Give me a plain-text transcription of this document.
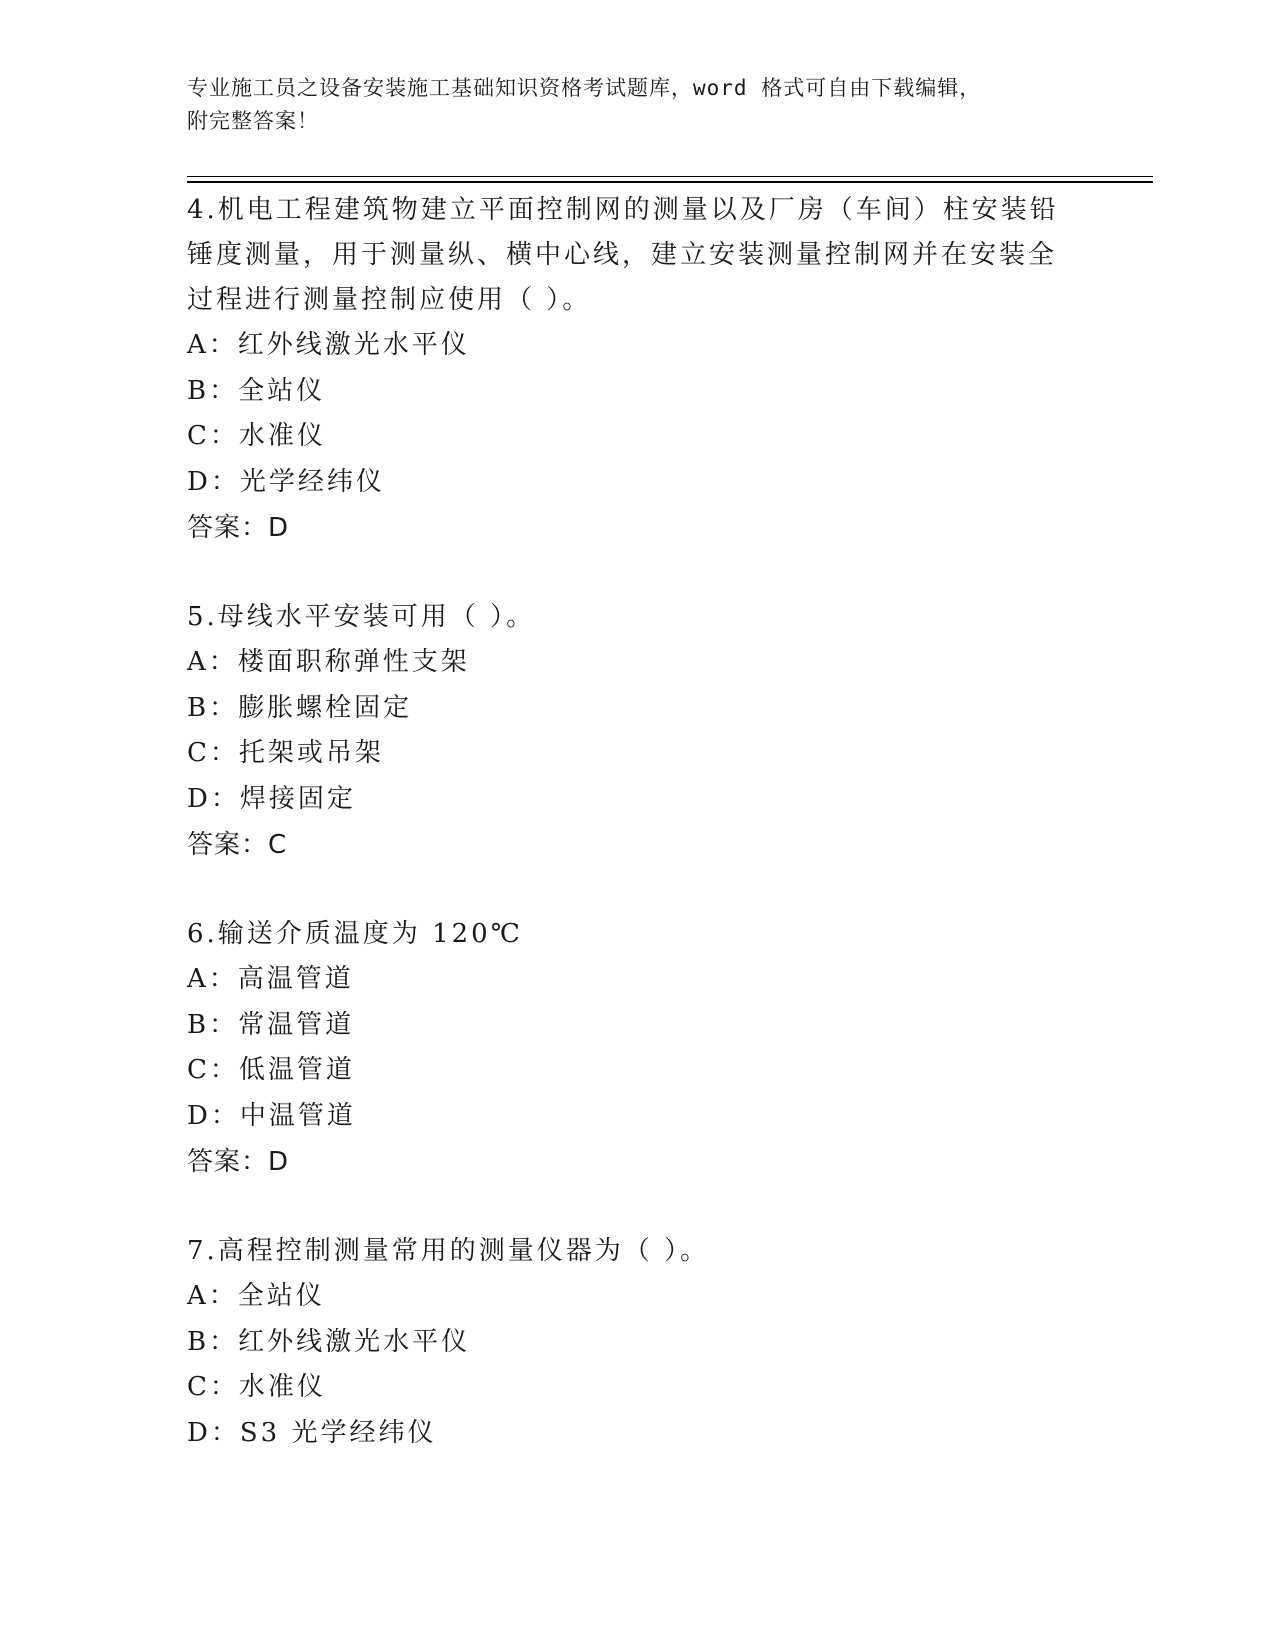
专业施工员之设备安装施工基础知识资格考试题库，word 格式可自由下载编辑，
附完整答案！
4.机电工程建筑物建立平面控制网的测量以及厂房（车间）柱安装铅锤度测量，用于测量纵、横中心线，建立安装测量控制网并在安装全过程进行测量控制应使用（ ）。
A：红外线激光水平仪
B：全站仪
C：水准仪
D：光学经纬仪
答案：D
5.母线水平安装可用（ ）。
A：楼面职称弹性支架
B：膨胀螺栓固定
C：托架或吊架
D：焊接固定
答案：C
6.输送介质温度为 120℃
A：高温管道
B：常温管道
C：低温管道
D：中温管道
答案：D
7.高程控制测量常用的测量仪器为（ ）。
A：全站仪
B：红外线激光水平仪
C：水准仪
D：S3 光学经纬仪
